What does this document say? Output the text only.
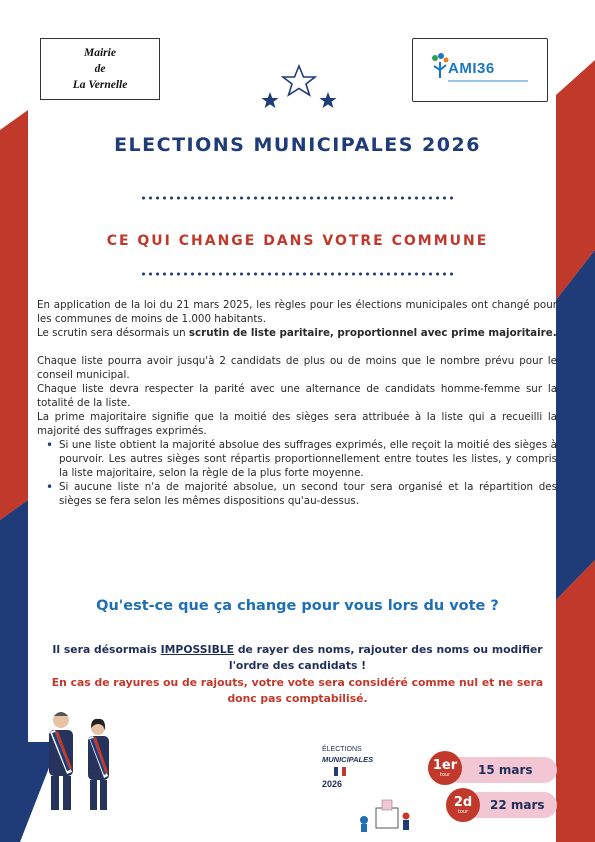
Mairie
de
La Vernelle
AMI36
ELECTIONS MUNICIPALES 2026
CE QUI CHANGE DANS VOTRE COMMUNE

En application de la loi du 21 mars 2025, les règles pour les élections municipales ont changé pour les communes de moins de 1.000 habitants.

Le scrutin sera désormais un scrutin de liste paritaire, proportionnel avec prime majoritaire.

Chaque liste pourra avoir jusqu'à 2 candidats de plus ou de moins que le nombre prévu pour le conseil municipal.

Chaque liste devra respecter la parité avec une alternance de candidats homme-femme sur la totalité de la liste.

La prime majoritaire signifie que la moitié des sièges sera attribuée à la liste qui a recueilli la majorité des suffrages exprimés.

• Si une liste obtient la majorité absolue des suffrages exprimés, elle reçoit la moitié des sièges à pourvoir. Les autres sièges sont répartis proportionnellement entre toutes les listes, y compris la liste majoritaire, selon la règle de la plus forte moyenne.
• Si aucune liste n'a de majorité absolue, un second tour sera organisé et la répartition des sièges se fera selon les mêmes dispositions qu'au-dessus.
Qu'est-ce que ça change pour vous lors du vote ?
Il sera désormais IMPOSSIBLE de rayer des noms, rajouter des noms ou modifier l'ordre des candidats !
En cas de rayures ou de rajouts, votre vote sera considéré comme nul et ne sera donc pas comptabilisé.
ÉLECTIONS
MUNICIPALES
2026
1er
tour 15 mars
2d
tour 22 mars
